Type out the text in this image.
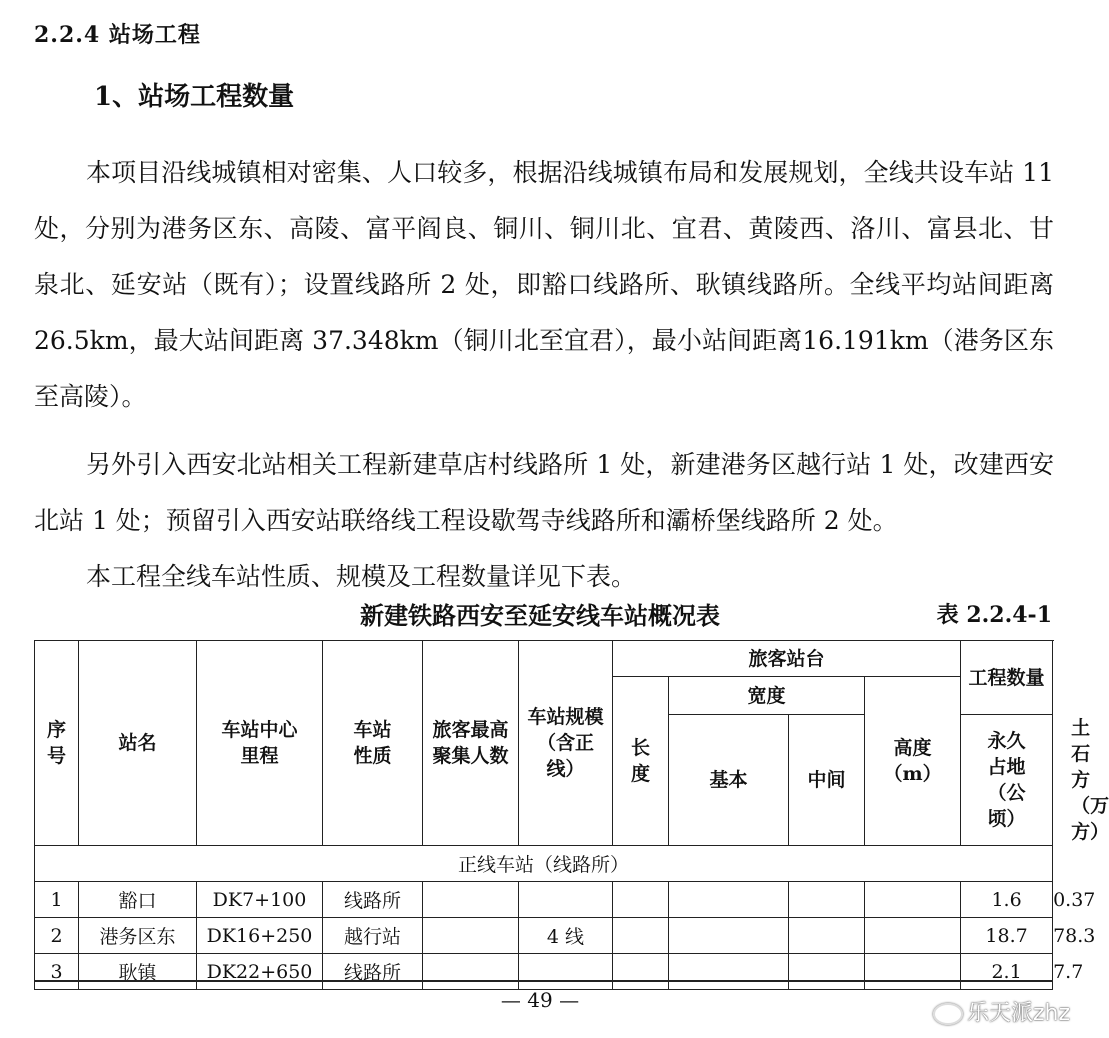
2.2.4 站场工程
1、站场工程数量

本项目沿线城镇相对密集、人口较多，根据沿线城镇布局和发展规划，全线共设车站 11 处，分别为港务区东、高陵、富平阎良、铜川、铜川北、宜君、黄陵西、洛川、富县北、甘泉北、延安站（既有）；设置线路所 2 处，即豁口线路所、耿镇线路所。全线平均站间距离 26.5km，最大站间距离 37.348km（铜川北至宜君），最小站间距离16.191km（港务区东至高陵）。

另外引入西安北站相关工程新建草店村线路所 1 处，新建港务区越行站 1 处，改建西安北站 1 处；预留引入西安站联络线工程设歇驾寺线路所和灞桥堡线路所 2 处。

本工程全线车站性质、规模及工程数量详见下表。

新建铁路西安至延安线车站概况表	表 2.2.4-1
序号	站名	车站中心里程	车站性质	旅客最高聚集人数	车站规模（含正线）	旅客站台				工程数量	
						长度	宽度		高度（m）		
							基本	中间		永久占地（公顷）	土石方（万方）
正线车站（线路所）											
1	豁口	DK7+100	线路所							1.6	0.37
2	港务区东	DK16+250	越行站		4 线					18.7	78.3
3	耿镇	DK22+650	线路所							2.1	7.7
— 49 —
乐天派zhz
